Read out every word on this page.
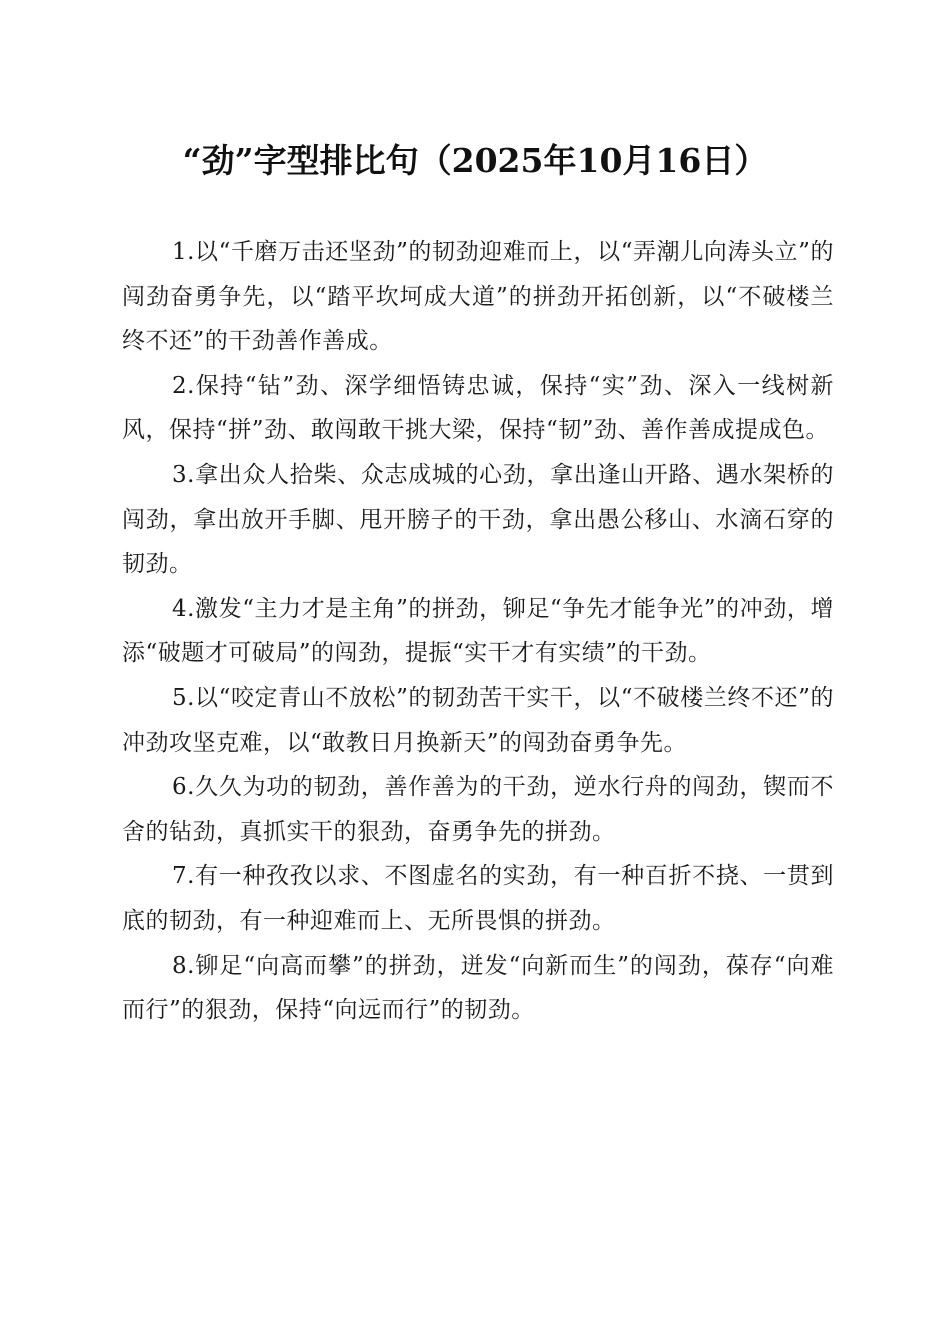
“劲”字型排比句（2025年10月16日）

1.以“千磨万击还坚劲”的韧劲迎难而上，以“弄潮儿向涛头立”的闯劲奋勇争先，以“踏平坎坷成大道”的拼劲开拓创新，以“不破楼兰终不还”的干劲善作善成。

2.保持“钻”劲、深学细悟铸忠诚，保持“实”劲、深入一线树新风，保持“拼”劲、敢闯敢干挑大梁，保持“韧”劲、善作善成提成色。

3.拿出众人拾柴、众志成城的心劲，拿出逢山开路、遇水架桥的闯劲，拿出放开手脚、甩开膀子的干劲，拿出愚公移山、水滴石穿的韧劲。

4.激发“主力才是主角”的拼劲，铆足“争先才能争光”的冲劲，增添“破题才可破局”的闯劲，提振“实干才有实绩”的干劲。

5.以“咬定青山不放松”的韧劲苦干实干，以“不破楼兰终不还”的冲劲攻坚克难，以“敢教日月换新天”的闯劲奋勇争先。

6.久久为功的韧劲，善作善为的干劲，逆水行舟的闯劲，锲而不舍的钻劲，真抓实干的狠劲，奋勇争先的拼劲。

7.有一种孜孜以求、不图虚名的实劲，有一种百折不挠、一贯到底的韧劲，有一种迎难而上、无所畏惧的拼劲。

8.铆足“向高而攀”的拼劲，迸发“向新而生”的闯劲，葆存“向难而行”的狠劲，保持“向远而行”的韧劲。
